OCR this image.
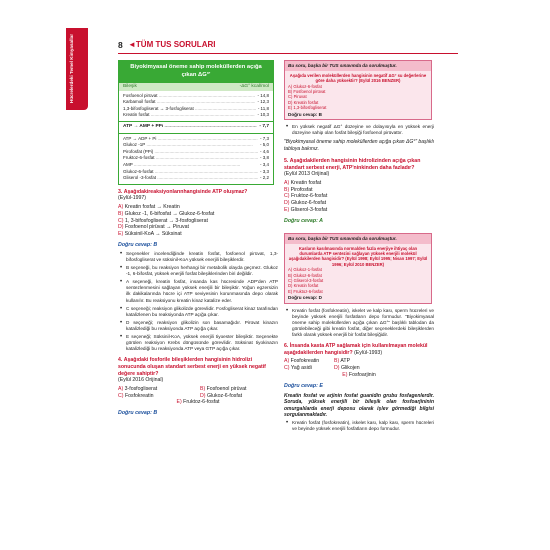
Hücrelerdeki Temel Kimyasallar	8 ◄TÜM TUS SORULARI
Biyokimyasal öneme sahip moleküllerden açığa çıkan ΔG°'
Bileşik	-ΔG° kcal/mol
Fosfoenol pirüvat .....	- 14,8
Karbamoil fosfat .....	- 12,3
1,3-bifosfogliserat → 3-fosfogliserat .....	- 11,8
Kreatin fosfat .....	- 10,3
ATP → AMP + PPi .....	- 7,7
ATP → ADP + Pi .....	- 7,3
Glukoz -1P .....	- 5,0
Pirofosfat (PPi) .....	- 4,6
Fruktoz-6-fosfat .....	- 3,8
AMP .....	- 3,4
Glukoz-6-fosfat .....	- 3,3
Gliserol -3-fosfat .....	- 2,2
3. Aşağıdakireaksiyonlarınhangisinde ATP oluşmaz?
(Eylül-1997)
A) Kreatin fosfat → Kreatin
B) Glukoz -1, 6-bifosfat → Glukoz-6-fosfat
C) 1, 3-bifosfogliserat → 3-fosfogliserat
D) Fosfoenol pirüvat → Piruvat
E) Süksinil-KoA → Süksinat
Doğru cevap: B
• Seçenekler incelendiğinde kreatin fosfat, fosfoenol pirüvat, 1,3-bifosfogliserat ve süksinil-KoA yüksek enerjili bileşiklerdir.
• B seçeneği, bu reaksiyon herhangi bir metabolik olayda geçmez. Glukoz -1, 6-bifosfat, yüksek enerjili fosfat bileşiklerinden biri değildir.
• A seçeneği, kreatin fosfat, insanda kas hücresinde ADP'den ATP sentezlenmesini sağlayan yüksek enerjili bir bileşiktir. Yoğun egzersizin ilk dakikalarında hücre içi ATP seviyesinin korunmasında depo olarak kullanılır. Bu reaksiyonu kreatin kinaz katalize eder.
• C seçeneği; reaksiyon glikolizde görevlidir. Fosfogliserat kinaz tarafından katalizlenen bu reaksiyonda ATP açığa çıkar.
• D seçeneği; reaksiyon glikolizin son basamağıdır. Pirüvat kinazın katalizlediği bu reaksiyonda ATP açığa çıkar.
• E seçeneği; Süksinil-KoA, yüksek enerjili tiyoester bileşiktir. Seçenekte görülen reaksiyon Krebs döngüsünde görevlidir. Süksinat tiyokinazın katalizlediği bu reaksiyonda ATP veya GTP açığa çıkar.
4. Aşağıdaki fosforile bileşiklerden hangisinin hidrolizi sonucunda oluşan standart serbest enerji en yüksek negatif değere sahiptir?
(Eylül 2016 Orijinal)
A) 3-fosfogliserat	B) Fosfoenol pirüvat
C) Fosfokreatin	D) Glukoz-6-fosfat
E) Fruktoz-6-fosfat
Doğru cevap: B
Bu soru, başka bir TUS sınavında da sorulmuştur.
Aşağıda verilen moleküllerden hangisinin negatif ΔG° su değerlerine göre daha yüksektir? (Eylül 2016 BENZER)
A) Glukoz-6-fosfat
B) Fosfoenol pirüvat
C) Piruvat
D) Kreatin fosfat
E) 1,3-bifosfogliserat
Doğru cevap: B
• En yüksek negatif ΔG° düzeyine ve dolayısıyla en yüksek enerji düzeyine sahip olan fosfat bileşiği fosfoenol pirüvattır.
"Biyokimyasal öneme sahip moleküllerden açığa çıkan ΔG°" başlıklı tabloya bakınız.
5. Aşağıdakilerden hangisinin hidrolizinden açığa çıkan standart serbest enerji, ATP'ninkinden daha fazladır?
(Eylül 2013 Orijinal)
A) Kreatin fosfat
B) Pirofosfat
C) Fruktoz-6-fosfat
D) Glukoz-6-fosfat
E) Gliserol-3-fosfat
Doğru cevap: A
Bu soru, başka bir TUS sınavında da sorulmuştur.
Kasların kasılmasında normalden fazla enerjiye ihtiyaç olan durumlarda ATP sentezini sağlayan yüksek enerjili molekül aşağıdakilerden hangisidir? (Eylül 1998; Eylül 1995; Nisan 1997; Eylül 1996; Eylül 2010 BENZER)
A) Glukoz-1-fosfat
B) Glukoz-6-fosfat
C) Gliserol-3-fosfat
D) Kreatin fosfat
E) Fruktoz-6-fosfat
Doğru cevap: D
• Kreatin fosfat (fosfokreatin), iskelet ve kalp kası, sperm hücreleri ve beyinde yüksek enerjili fosfatların depo formudur. "Biyokimyasal öneme sahip moleküllerden açığa çıkan ΔG°" başlıklı tablodan da görülebileceği gibi kreatin fosfat, diğer seçeneklerdeki bileşiklerden farklı olarak yüksek enerjili bir fosfat bileşiğidir.
6. İnsanda kasta ATP sağlamak için kullanılmayan molekül aşağıdakilerden hangisidir? (Eylül-1993)
A) Fosfokreatin	B) ATP
C) Yağ asidi	D) Glikojen
E) Fosfoarjinin
Doğru cevap: E
Kreatin fosfat ve arjinin fosfat guanidin grubu fosfagenlerdir. Soruda, yüksek enerjili bir bileşik olan fosfoarjininin omurgalılarda enerji deposu olarak işlev görmediği bilgisi sorgulanmaktadır.
• Kreatin fosfat (fosfokreatin), iskelet kası, kalp kası, sperm hücreleri ve beyinde yüksek enerjili fosfatların depo formudur.
